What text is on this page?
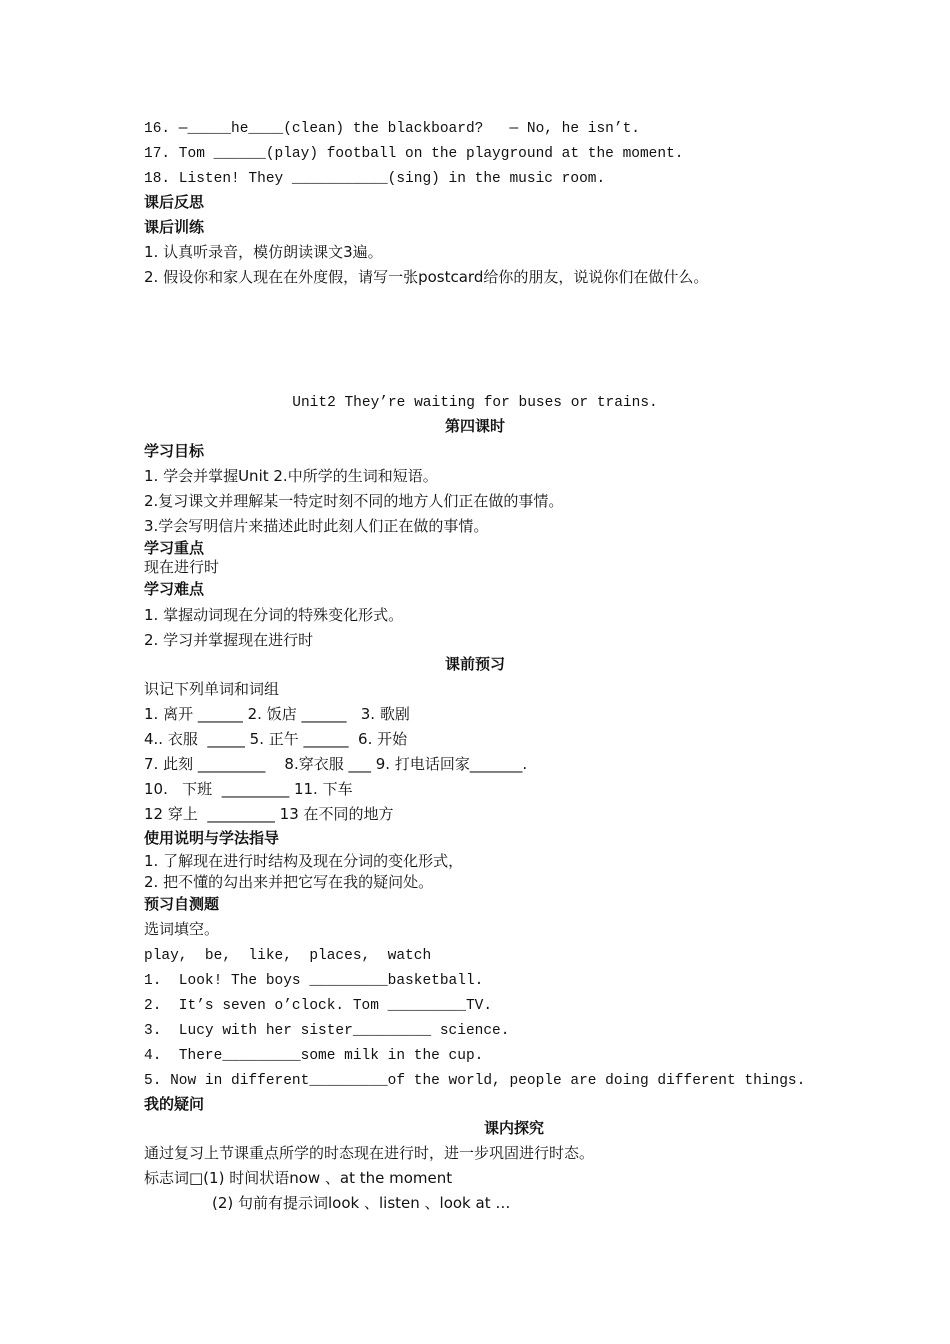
16. —_____he____(clean) the blackboard?   — No, he isn’t.
17. Tom ______(play) football on the playground at the moment.
18. Listen! They ___________(sing) in the music room.
课后反思
课后训练
1. 认真听录音，模仿朗读课文3遍。
2. 假设你和家人现在在外度假，请写一张postcard给你的朋友，说说你们在做什么。
Unit2 They’re waiting for buses or trains.
第四课时
学习目标
1. 学会并掌握Unit 2.中所学的生词和短语。
2.复习课文并理解某一特定时刻不同的地方人们正在做的事情。
3.学会写明信片来描述此时此刻人们正在做的事情。
学习重点
现在进行时
学习难点
1. 掌握动词现在分词的特殊变化形式。
2. 学习并掌握现在进行时
课前预习
识记下列单词和词组
1. 离开 ______ 2. 饭店 ______   3. 歌剧
4.. 衣服  _____ 5. 正午 ______  6. 开始
7. 此刻 _________    8.穿衣服 ___ 9. 打电话回家_______.
10.   下班  _________ 11. 下车
12 穿上  _________ 13 在不同的地方
使用说明与学法指导
1. 了解现在进行时结构及现在分词的变化形式，
2. 把不懂的勾出来并把它写在我的疑问处。
预习自测题
选词填空。
play,  be,  like,  places,  watch
1.  Look! The boys _________basketball.
2.  It’s seven o’clock. Tom _________TV.
3.  Lucy with her sister_________ science.
4.  There_________some milk in the cup.
5. Now in different_________of the world, people are doing different things.
我的疑问
课内探究
通过复习上节课重点所学的时态现在进行时，进一步巩固进行时态。
标志词□(1) 时间状语now 、at the moment
(2) 句前有提示词look 、listen 、look at …
